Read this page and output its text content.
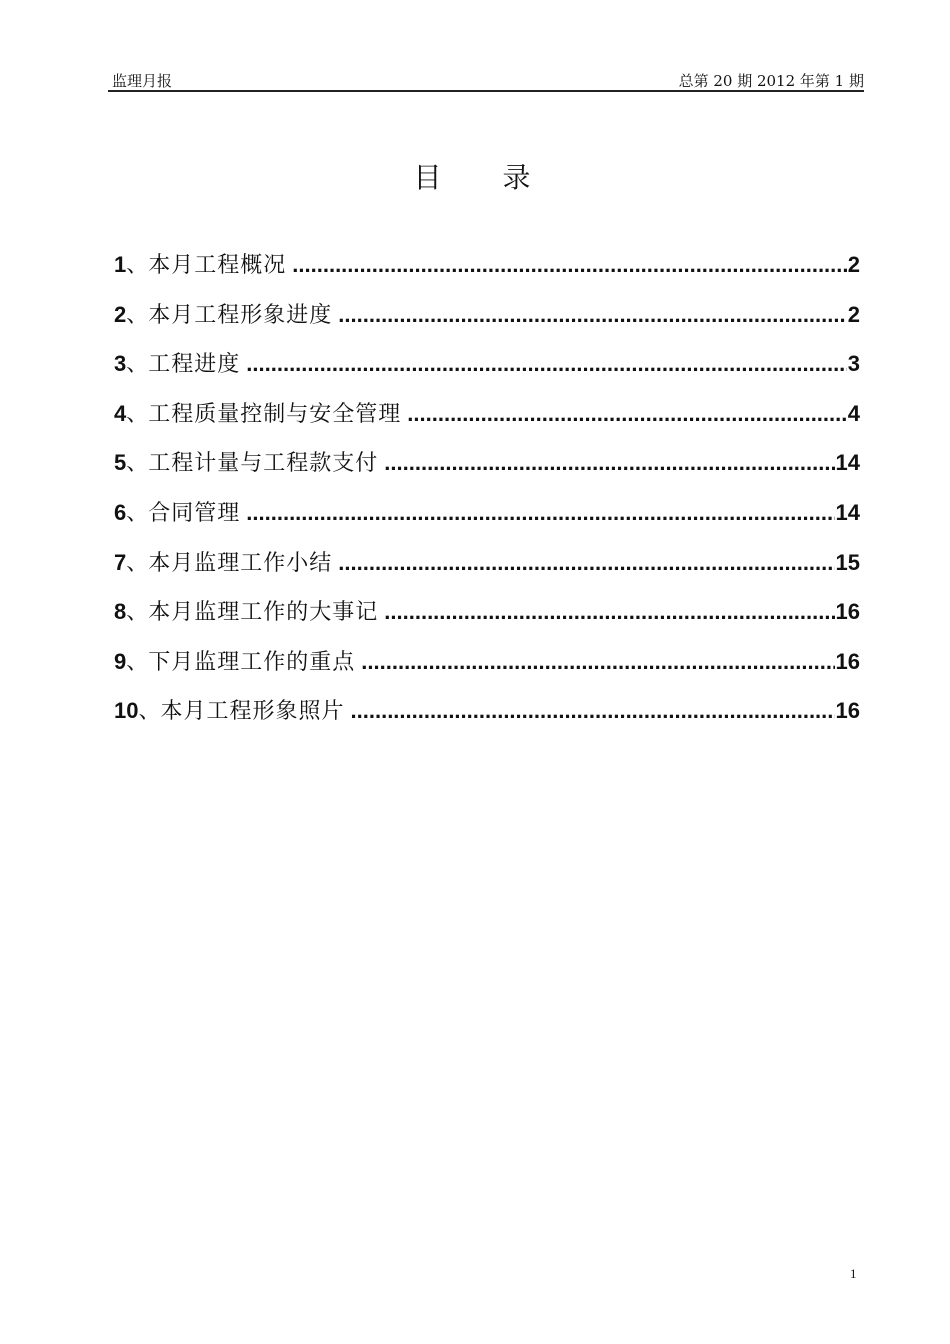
监理月报	总第 20 期 2012 年第 1 期
目 录
1 、 本月工程概况 .....	2
2 、 本月工程形象进度 .....	2
3 、 工程进度 .....	3
4 、 工程质量控制与安全管理 .....	4
5 、 工程计量与工程款支付 .....	14
6 、 合同管理 .....	14
7 、 本月监理工作小结 .....	15
8 、 本月监理工作的大事记 .....	16
9 、 下月监理工作的重点 .....	16
10 、 本月工程形象照片 .....	16
1
